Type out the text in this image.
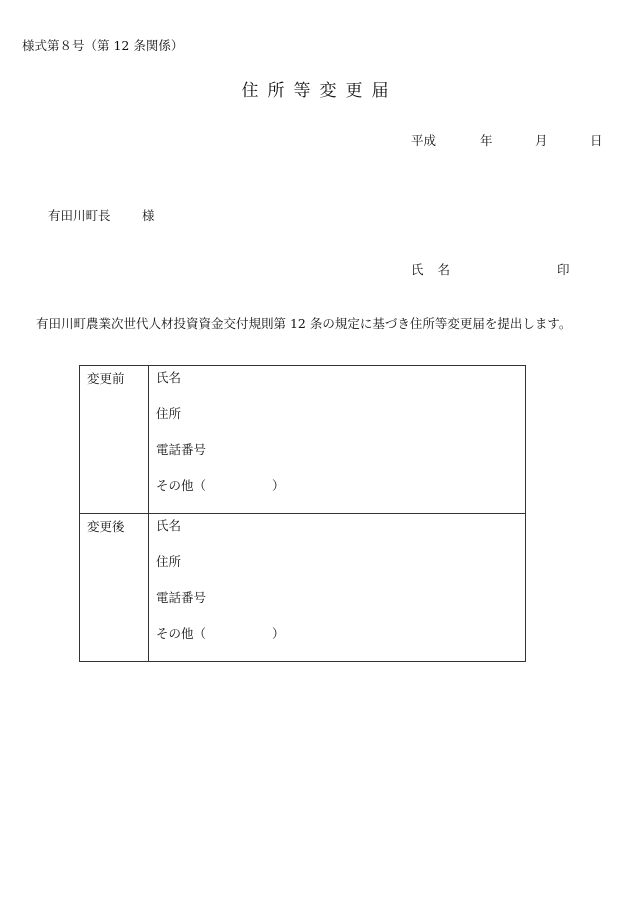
様式第８号（第 12 条関係）
住所等変更届
平成	年	月	日
有田川町長	様
氏名	印
有田川町農業次世代人材投資資金交付規則第 12 条の規定に基づき住所等変更届を提出します。
変更前	氏名
住所
電話番号
その他（ ）

変更後	氏名
住所
電話番号
その他（ ）
